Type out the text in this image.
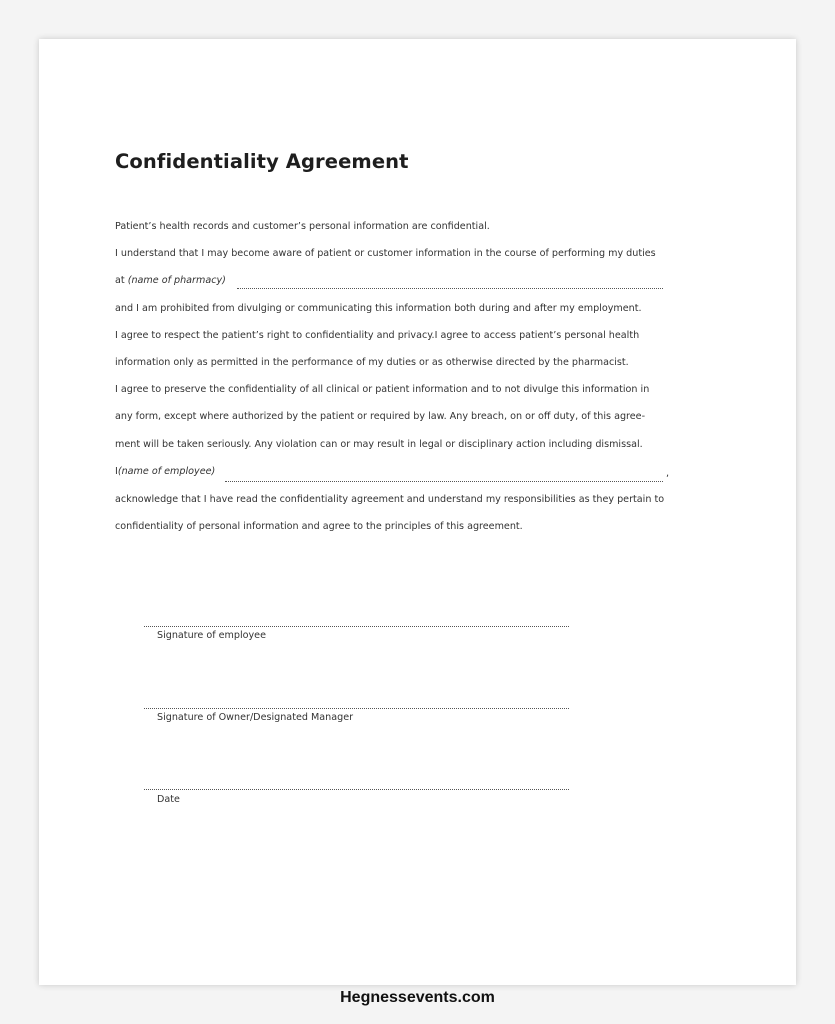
Confidentiality Agreement
Patient’s health records and customer’s personal information are confidential.
I understand that I may become aware of patient or customer information in the course of performing my duties
at (name of pharmacy)
and I am prohibited from divulging or communicating this information both during and after my employment.
I agree to respect the patient’s right to confidentiality and privacy.I agree to access patient’s personal health
information only as permitted in the performance of my duties or as otherwise directed by the pharmacist.
I agree to preserve the confidentiality of all clinical or patient information and to not divulge this information in
any form, except where authorized by the patient or required by law. Any breach, on or off duty, of this agree-
ment will be taken seriously. Any violation can or may result in legal or disciplinary action including dismissal.
I(name of employee)	,
acknowledge that I have read the confidentiality agreement and understand my responsibilities as they pertain to
confidentiality of personal information and agree to the principles of this agreement.
Signature of employee
Signature of Owner/Designated Manager
Date
Hegnessevents.com
